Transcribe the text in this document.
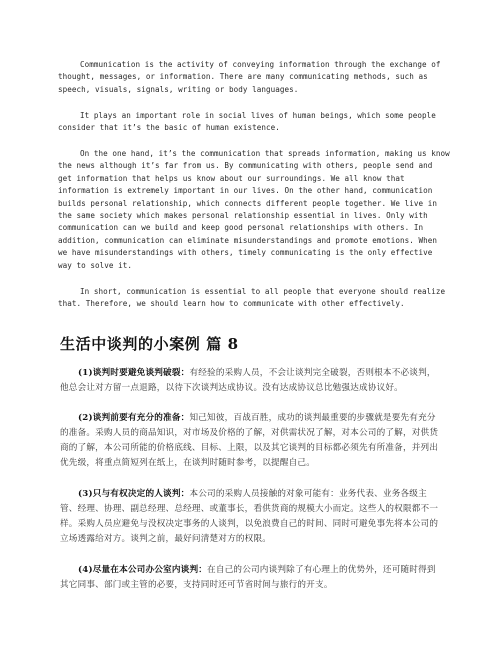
Communication is the activity of conveying information through the exchange of thought, messages, or information. There are many communicating methods, such as speech, visuals, signals, writing or body languages.

It plays an important role in social lives of human beings, which some people consider that it’s the basic of human existence.

On the one hand, it’s the communication that spreads information, making us know the news although it’s far from us. By communicating with others, people send and get information that helps us know about our surroundings. We all know that information is extremely important in our lives. On the other hand, communication builds personal relationship, which connects different people together. We live in the same society which makes personal relationship essential in lives. Only with communication can we build and keep good personal relationships with others. In addition, communication can eliminate misunderstandings and promote emotions. When we have misunderstandings with others, timely communicating is the only effective way to solve it.

In short, communication is essential to all people that everyone should realize that. Therefore, we should learn how to communicate with other effectively.

生活中谈判的小案例 篇 8

(1)谈判时要避免谈判破裂：有经验的采购人员，不会让谈判完全破裂，否则根本不必谈判，他总会让对方留一点退路，以待下次谈判达成协议。没有达成协议总比勉强达成协议好。

(2)谈判前要有充分的准备：知己知彼，百战百胜，成功的谈判最重要的步骤就是要先有充分的准备。采购人员的商品知识，对市场及价格的了解，对供需状况了解，对本公司的了解，对供货商的了解，本公司所能的价格底线、目标、上限，以及其它谈判的目标都必须先有所准备，并列出优先级，将重点简短列在纸上，在谈判时随时参考，以提醒自己。

(3)只与有权决定的人谈判：本公司的采购人员接触的对象可能有：业务代表、业务各级主管、经理、协理、副总经理、总经理、或董事长，看供货商的规模大小而定。这些人的权限都不一样。采购人员应避免与没权决定事务的人谈判，以免浪费自己的时间、同时可避免事先将本公司的立场透露给对方。谈判之前，最好问清楚对方的权限。

(4)尽量在本公司办公室内谈判：在自己的公司内谈判除了有心理上的优势外，还可随时得到其它同事、部门或主管的必要，支持同时还可节省时间与旅行的开支。
